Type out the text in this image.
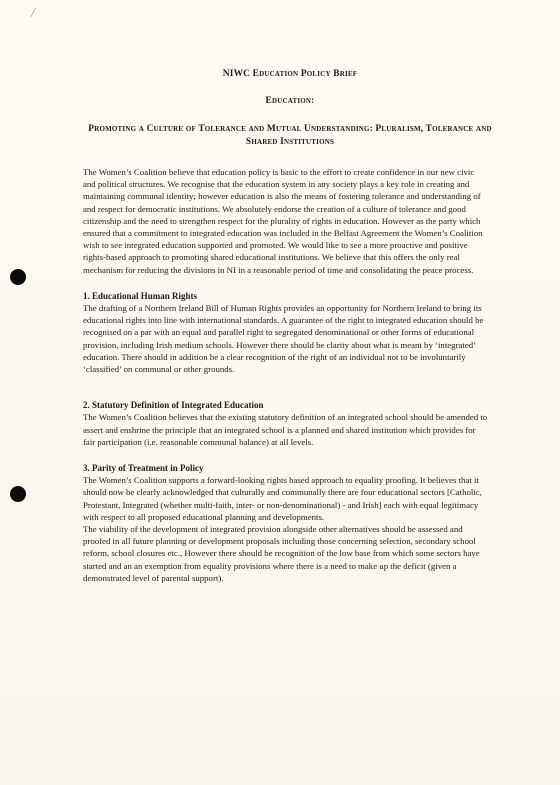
/
NIWC Education Policy Brief
Education:
Promoting a Culture of Tolerance and Mutual Understanding: Pluralism, Tolerance and Shared Institutions

The Women’s Coalition believe that education policy is basic to the effort to create confidence in our new civic and political structures. We recognise that the education system in any society plays a key role in creating and maintaining communal identity; however education is also the means of fostering tolerance and understanding of and respect for democratic institutions. We absolutely endorse the creation of a culture of tolerance and good citizenship and the need to strengthen respect for the plurality of rights in education. However as the party which ensured that a commitment to integrated education was included in the Belfast Agreement the Women’s Coalition wish to see integrated education supported and promoted. We would like to see a more proactive and positive rights-based approach to promoting shared educational institutions. We believe that this offers the only real mechanism for reducing the divisions in NI in a reasonable period of time and consolidating the peace process.

1. Educational Human Rights

The drafting of a Northern Ireland Bill of Human Rights provides an opportunity for Northern Ireland to bring its educational rights into line with international standards. A guarantee of the right to integrated education should be recognised on a par with an equal and parallel right to segregated denominational or other forms of educational provision, including Irish medium schools. However there should be clarity about what is meant by ‘integrated’ education. There should in addition be a clear recognition of the right of an individual not to be involuntarily ‘classified’ on communal or other grounds.

2. Statutory Definition of Integrated Education

The Women’s Coalition believes that the existing statutory definition of an integrated school should be amended to assert and enshrine the principle that an integrated school is a planned and shared institution which provides for fair participation (i.e. reasonable communal balance) at all levels.

3. Parity of Treatment in Policy

The Women’s Coalition supports a forward-looking rights based approach to equality proofing. It believes that it should now be clearly acknowledged that culturally and communally there are four educational sectors [Catholic, Protestant, Integrated (whether multi-faith, inter- or non-denominational) - and Irish] each with equal legitimacy with respect to all proposed educational planning and developments.

The viability of the development of integrated provision alongside other alternatives should be assessed and proofed in all future planning or development proposals including those concerning selection, secondary school reform, school closures etc., However there should be recognition of the low base from which some sectors have started and an an exemption from equality provisions where there is a need to make up the deficit (given a demonstrated level of parental support).
